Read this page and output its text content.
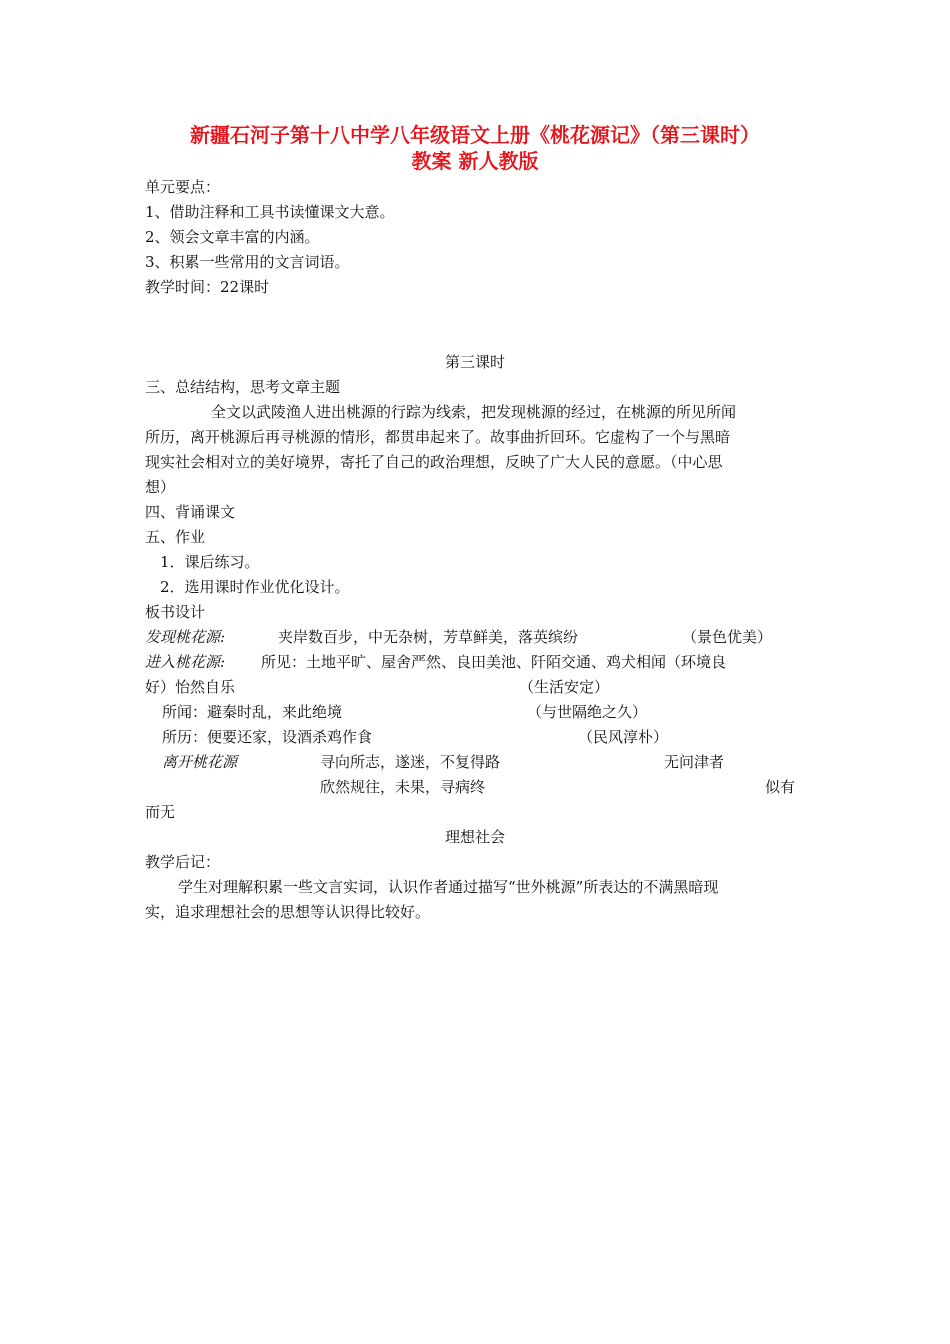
新疆石河子第十八中学八年级语文上册《桃花源记》（第三课时）
教案 新人教版
单元要点：
1、借助注释和工具书读懂课文大意。
2、领会文章丰富的内涵。
3、积累一些常用的文言词语。
教学时间：22课时
第三课时
三、总结结构，思考文章主题
全文以武陵渔人进出桃源的行踪为线索，把发现桃源的经过，在桃源的所见所闻
所历，离开桃源后再寻桃源的情形，都贯串起来了。故事曲折回环。它虚构了一个与黑暗
现实社会相对立的美好境界，寄托了自己的政治理想，反映了广大人民的意愿。（中心思
想）
四、背诵课文
五、作业
1．课后练习。
2．选用课时作业优化设计。
板书设计
发现桃花源:	夹岸数百步，中无杂树，芳草鲜美，落英缤纷	（景色优美）
进入桃花源: 所见：土地平旷、屋舍严然、良田美池、阡陌交通、鸡犬相闻（环境良
好）怡然自乐	（生活安定）
所闻：避秦时乱，来此绝境	（与世隔绝之久）
所历：便要还家，设酒杀鸡作食	（民风淳朴）
离开桃花源	寻向所志，遂迷，不复得路	无问津者
欣然规往，未果，寻病终	似有
而无
理想社会
教学后记：
学生对理解积累一些文言实词，认识作者通过描写“世外桃源”所表达的不满黑暗现
实，追求理想社会的思想等认识得比较好。
